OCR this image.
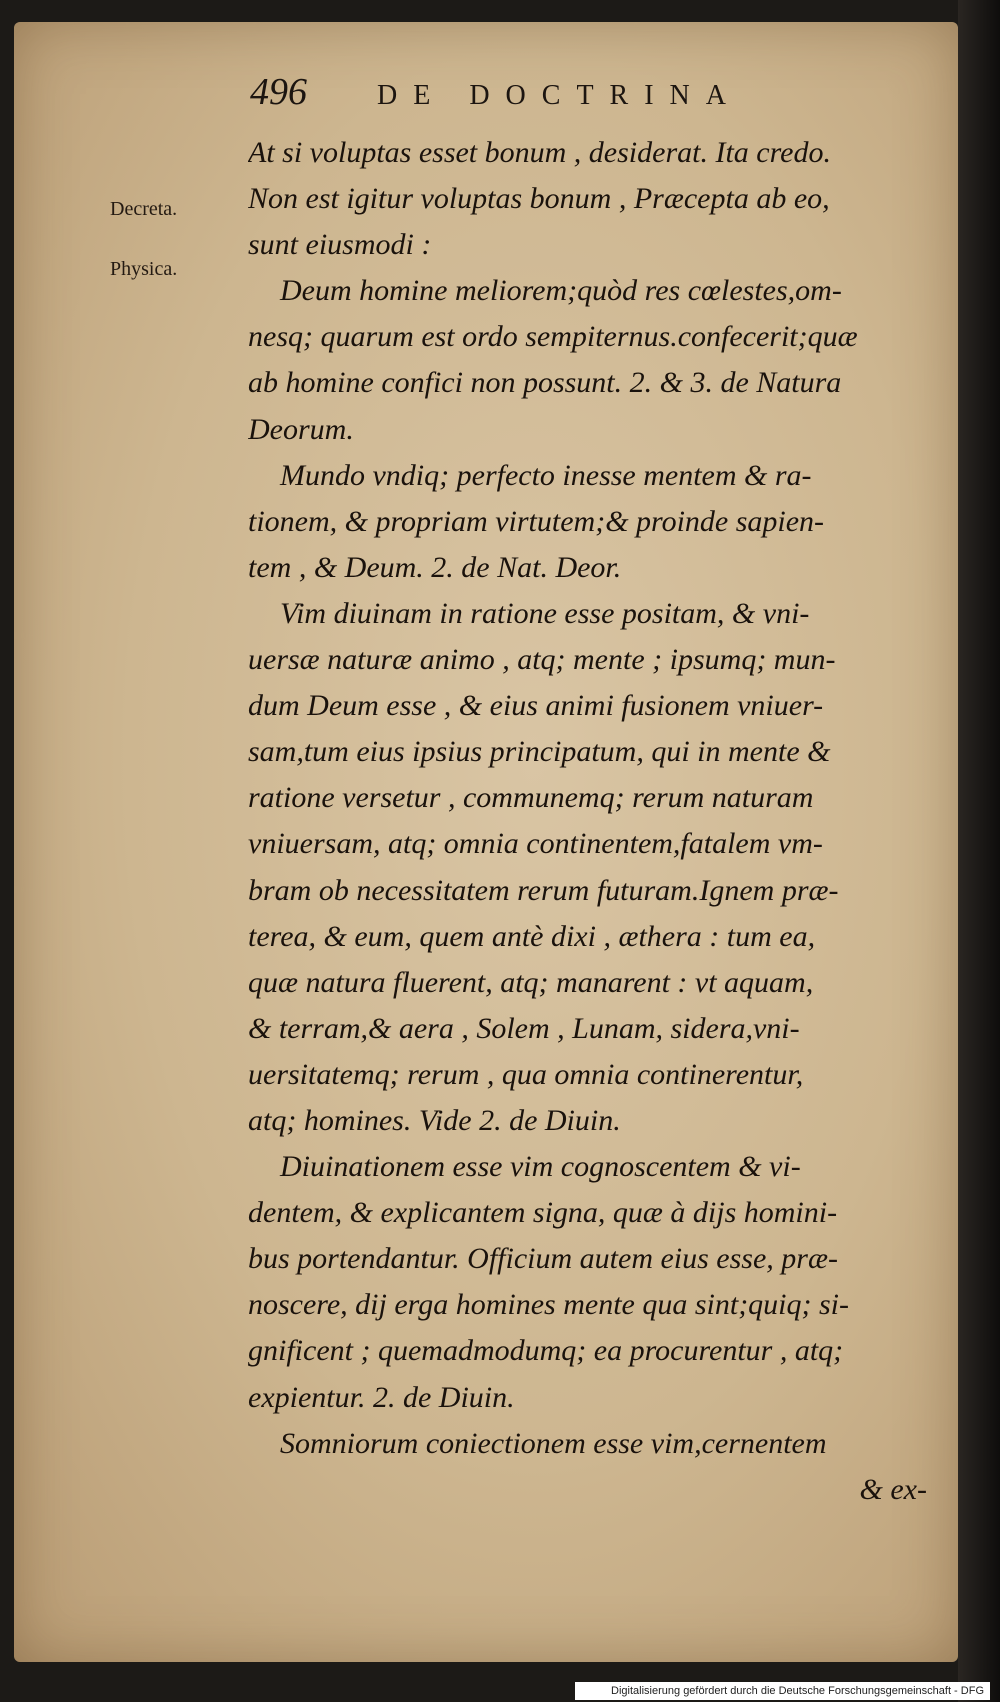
496	DE DOCTRINA
Decreta.
Physica.
At si voluptas esset bonum , desiderat. Ita credo.
Non est igitur voluptas bonum , Præcepta ab eo,
sunt eiusmodi :
Deum homine meliorem;quòd res cœlestes,om-
nesq; quarum est ordo sempiternus.confecerit;quæ
ab homine confici non possunt. 2. & 3. de Natura
Deorum.
Mundo vndiq; perfecto inesse mentem & ra-
tionem, & propriam virtutem;& proinde sapien-
tem , & Deum. 2. de Nat. Deor.
Vim diuinam in ratione esse positam, & vni-
uersæ naturæ animo , atq; mente ; ipsumq; mun-
dum Deum esse , & eius animi fusionem vniuer-
sam,tum eius ipsius principatum, qui in mente &
ratione versetur , communemq; rerum naturam
vniuersam, atq; omnia continentem,fatalem vm-
bram ob necessitatem rerum futuram.Ignem præ-
terea, & eum, quem antè dixi , æthera : tum ea,
quæ natura fluerent, atq; manarent : vt aquam,
& terram,& aera , Solem , Lunam, sidera,vni-
uersitatemq; rerum , qua omnia continerentur,
atq; homines. Vide 2. de Diuin.
Diuinationem esse vim cognoscentem & vi-
dentem, & explicantem signa, quæ à dijs homini-
bus portendantur. Officium autem eius esse, præ-
noscere, dij erga homines mente qua sint;quiq; si-
gnificent ; quemadmodumq; ea procurentur , atq;
expientur. 2. de Diuin.
Somniorum coniectionem esse vim,cernentem
& ex-
Digitalisierung gefördert durch die Deutsche Forschungsgemeinschaft - DFG
